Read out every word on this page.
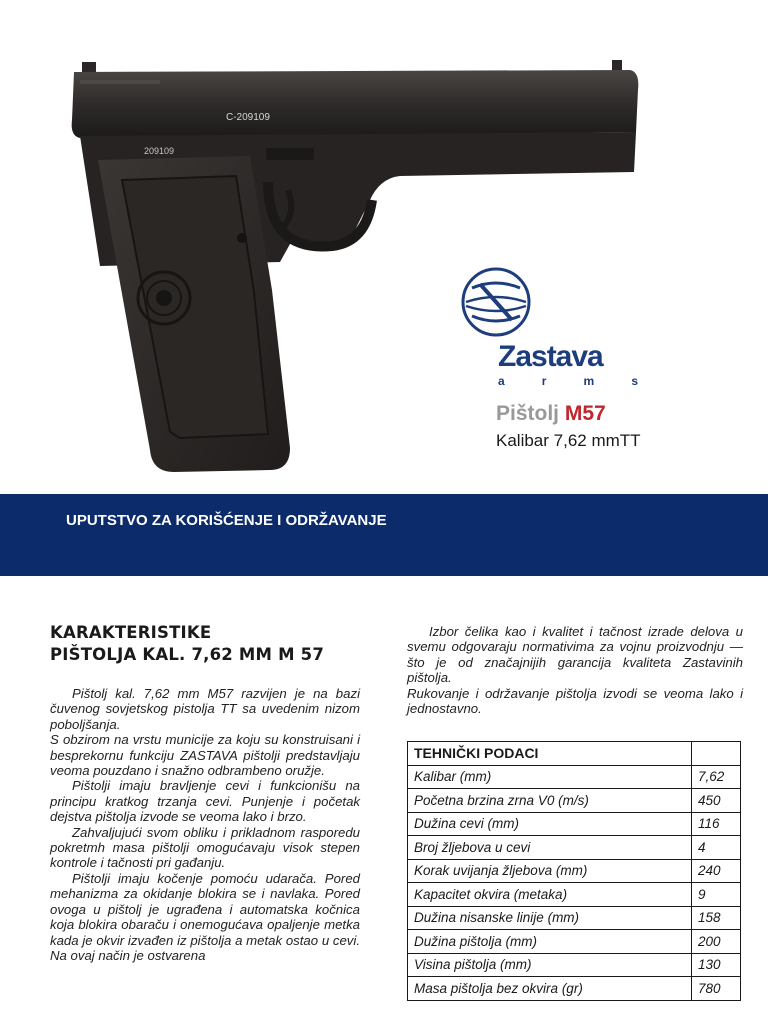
C-209109
209109
Zastava
a	r	m	s
Pištolj M57
Kalibar 7,62 mmTT
UPUTSTVO ZA KORIŠĆENJE I ODRŽAVANJE
KARAKTERISTIKE
PIŠTOLJA KAL. 7,62 MM M 57

Pištolj kal. 7,62 mm M57 razvijen je na bazi čuvenog sovjetskog pistolja TT sa uvedenim nizom poboljšanja.

S obzirom na vrstu municije za koju su konstruisani i besprekornu funkciju ZASTAVA pištolji predstavljaju veoma pouzdano i snažno odbrambeno oružje.

Pištolji imaju bravljenje cevi i funkcionišu na principu kratkog trzanja cevi. Punjenje i početak dejstva pištolja izvode se veoma lako i brzo.

Zahvaljujući svom obliku i prikladnom rasporedu pokretmh masa pištolji omogućavaju visok stepen kontrole i tačnosti pri gađanju.

Pištolji imaju kočenje pomoću udarača. Pored mehanizma za okidanje blokira se i navlaka. Pored ovoga u pištolj je ugrađena i automatska kočnica koja blokira obaraču i onemogućava opaljenje metka kada je okvir izvađen iz pištolja a metak ostao u cevi. Na ovaj način je ostvarena

Izbor čelika kao i kvalitet i tačnost izrade delova u svemu odgovaraju normativima za vojnu proizvodnju — što je od značajnijih garancija kvaliteta Zastavinih pištolja.

Rukovanje i održavanje pištolja izvodi se veoma lako i jednostavno.

TEHNIČKI PODACI	
Kalibar (mm)	7,62
Početna brzina zrna V0 (m/s)	450
Dužina cevi (mm)	116
Broj žljebova u cevi	4
Korak uvijanja žljebova (mm)	240
Kapacitet okvira (metaka)	9
Dužina nisanske linije (mm)	158
Dužina pištolja (mm)	200
Visina pištolja (mm)	130
Masa pištolja bez okvira (gr)	780
